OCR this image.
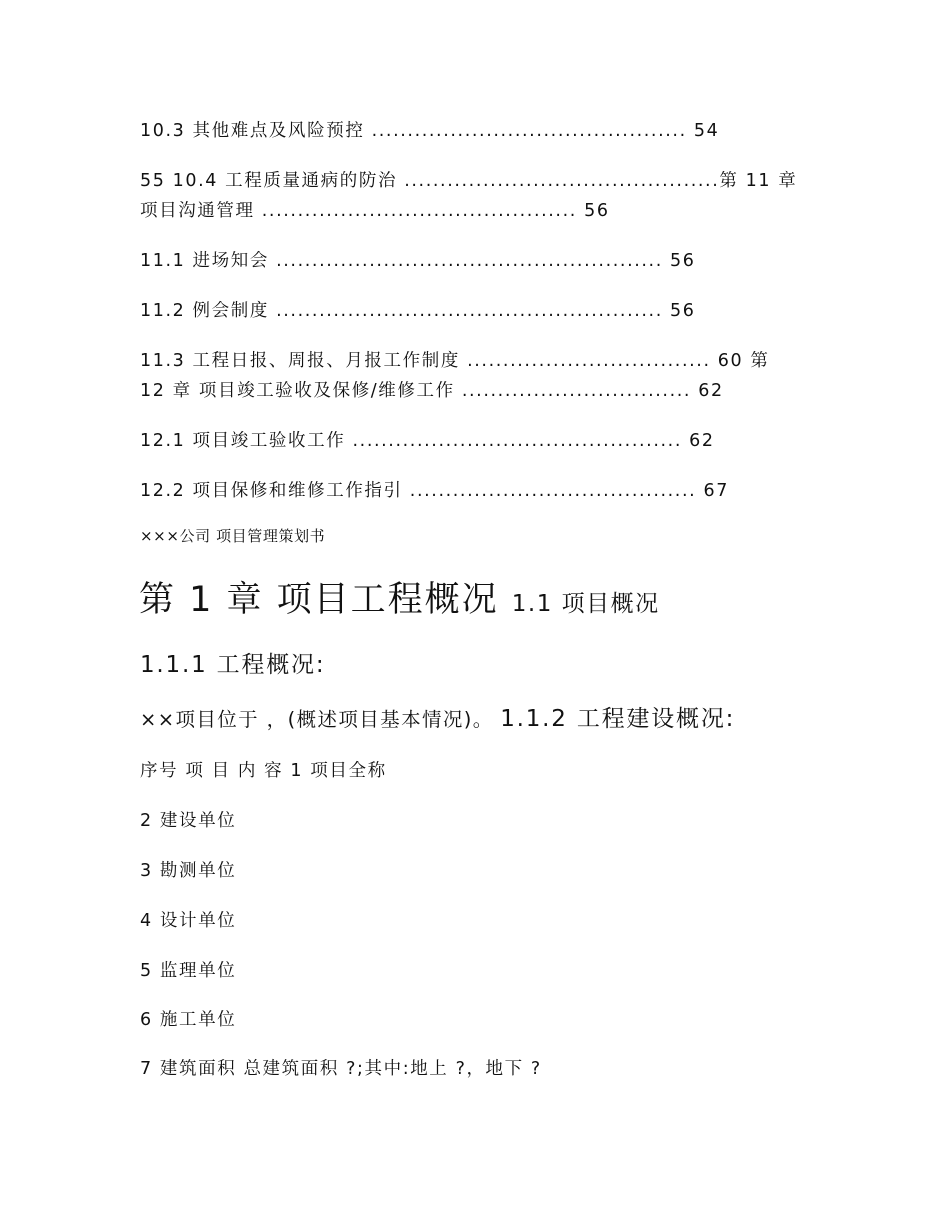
10.3 其他难点及风险预控 ............................................ 54
55 10.4 工程质量通病的防治 ............................................第 11 章
项目沟通管理 ............................................ 56
11.1 进场知会 ...................................................... 56
11.2 例会制度 ...................................................... 56
11.3 工程日报、周报、月报工作制度 .................................. 60 第
12 章 项目竣工验收及保修/维修工作 ................................ 62
12.1 项目竣工验收工作 .............................................. 62
12.2 项目保修和维修工作指引 ........................................ 67
×××公司 项目管理策划书
第 1 章 项目工程概况 1.1 项目概况
1.1.1 工程概况:
××项目位于 ，(概述项目基本情况)。 1.1.2 工程建设概况:
序号 项 目 内 容 1 项目全称
2 建设单位
3 勘测单位
4 设计单位
5 监理单位
6 施工单位
7 建筑面积 总建筑面积 ?;其中:地上 ?，地下 ?
